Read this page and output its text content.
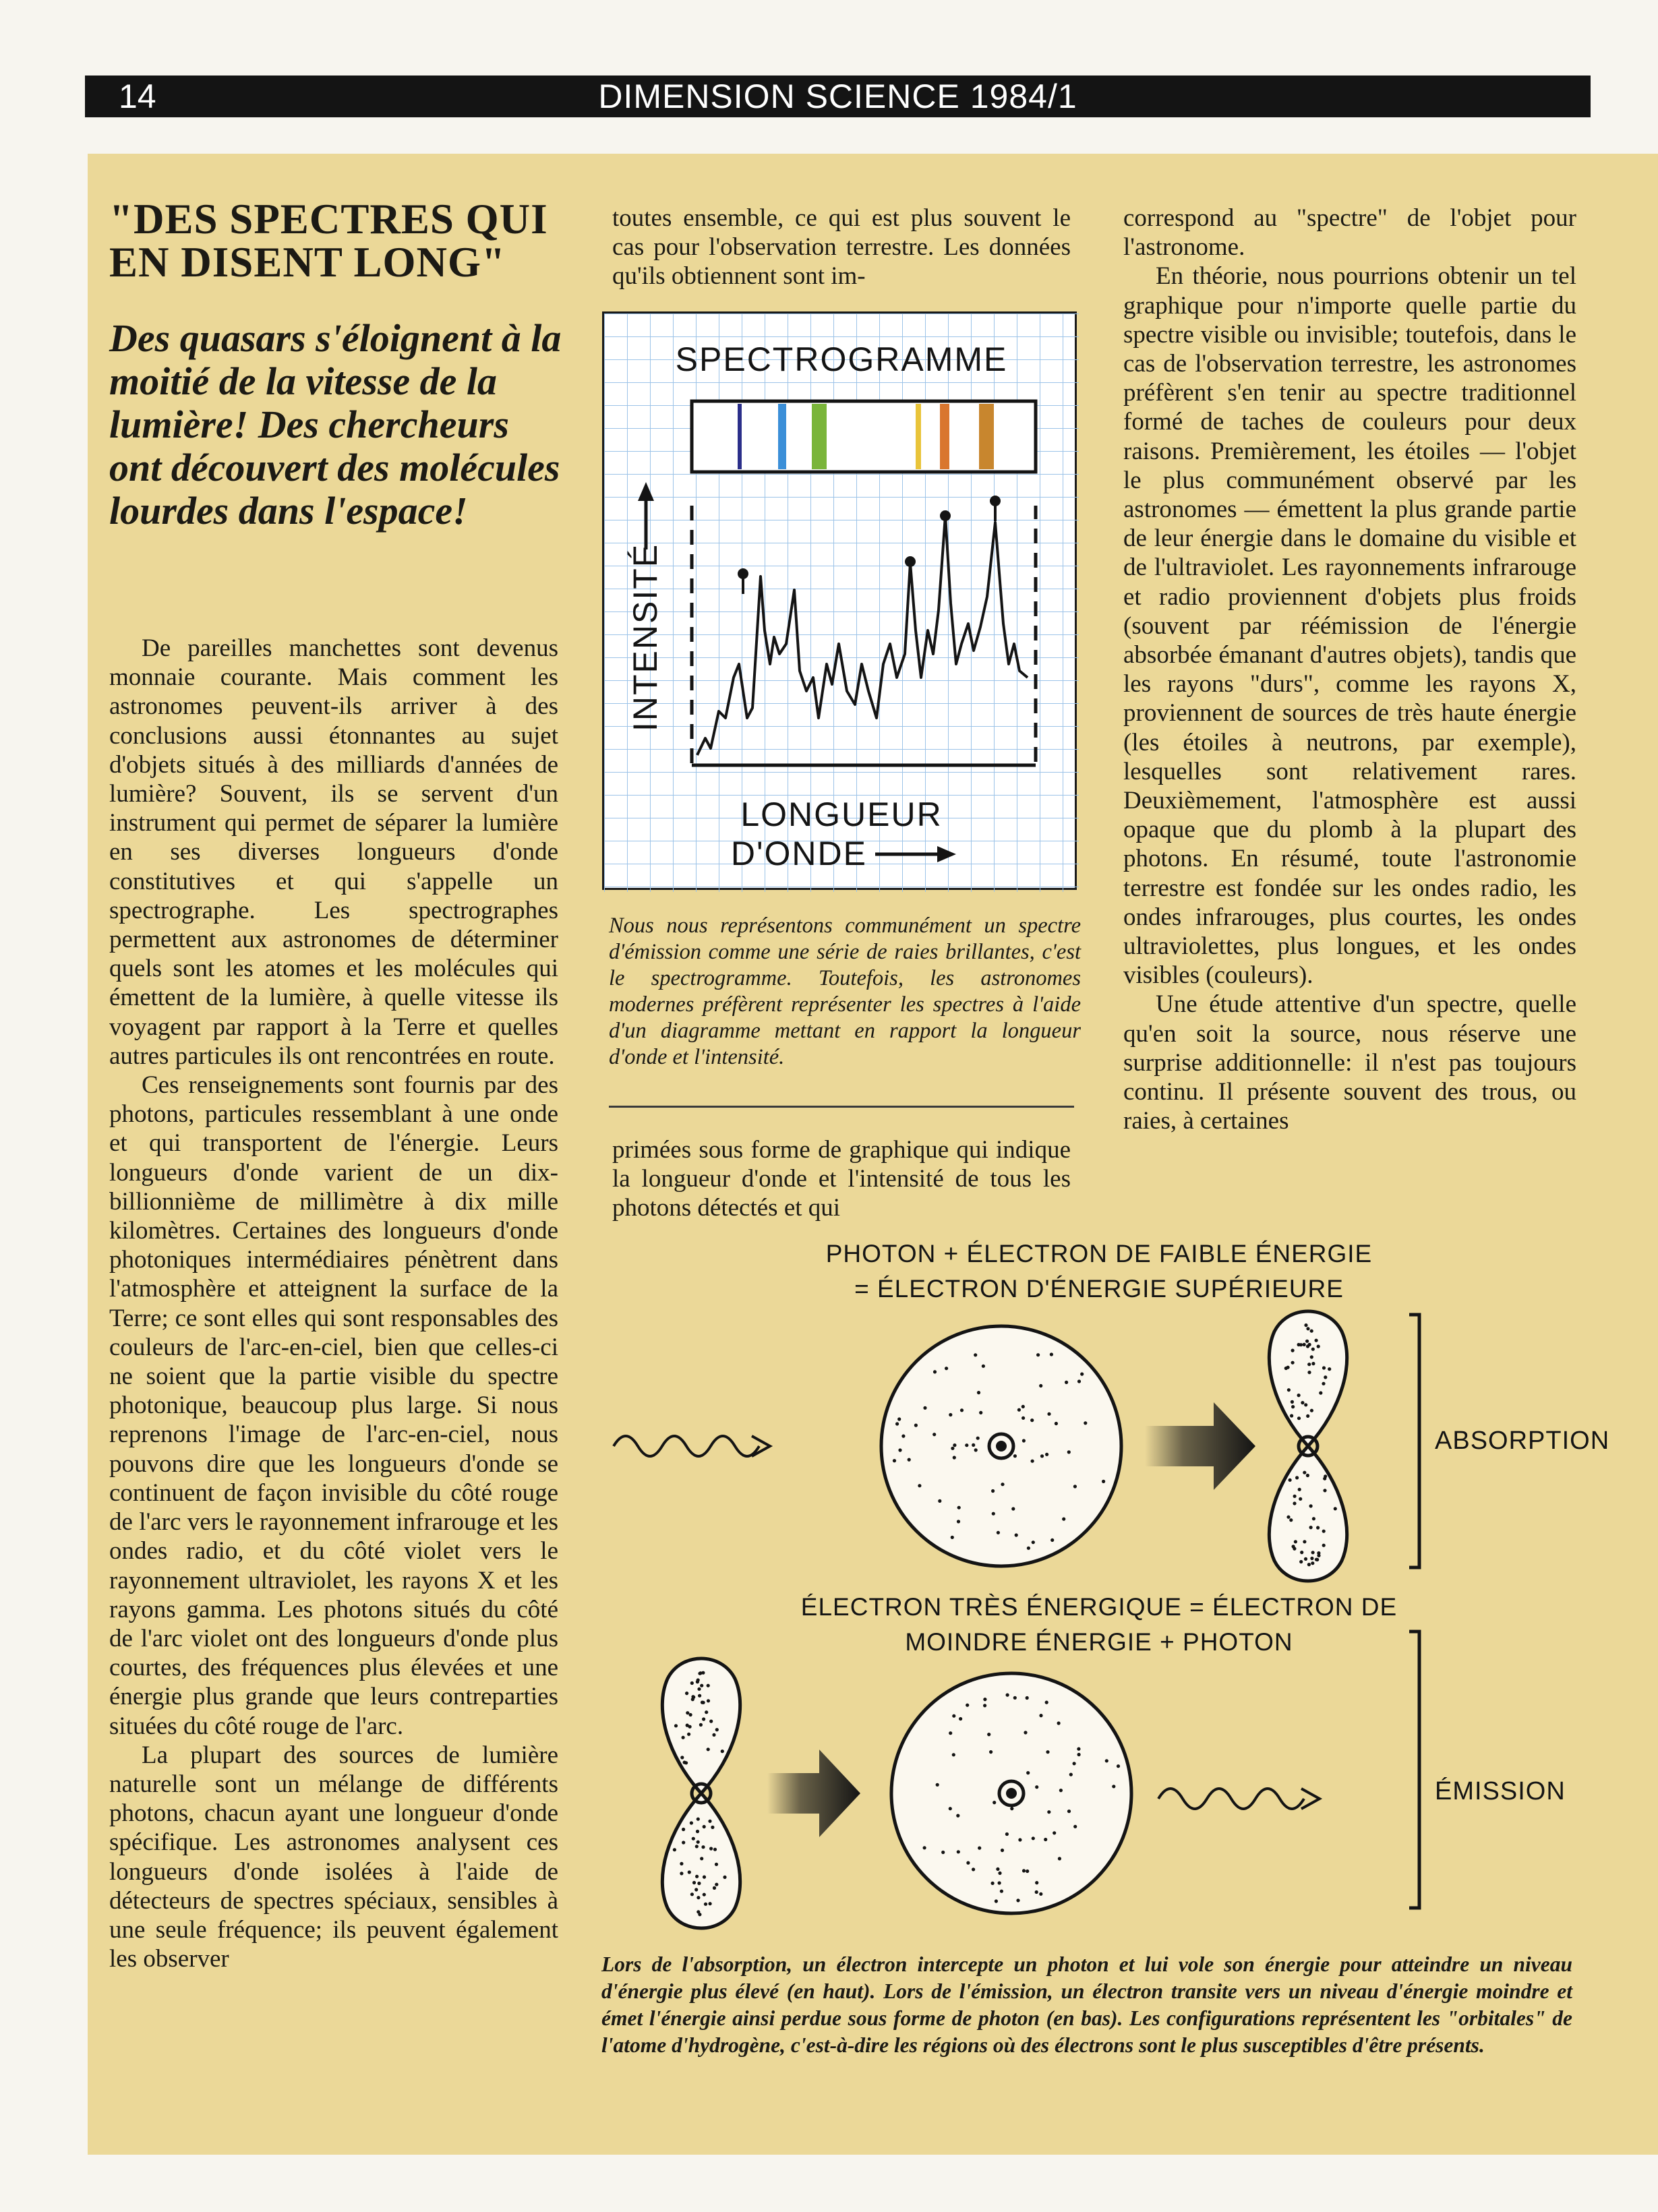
14	DIMENSION SCIENCE 1984/1
"DES SPECTRES QUI EN DISENT LONG"
Des quasars s'éloignent à la moitié de la vitesse de la lumière! Des chercheurs ont découvert des molécules lourdes dans l'espace!

De pareilles manchettes sont devenus monnaie courante. Mais comment les astronomes peuvent-ils arriver à des conclusions aussi étonnantes au sujet d'objets situés à des milliards d'années de lumière? Souvent, ils se servent d'un instrument qui permet de séparer la lumière en ses diverses longueurs d'onde constitutives et qui s'appelle un spectrographe. Les spectrographes permettent aux astronomes de déterminer quels sont les atomes et les molécules qui émettent de la lumière, à quelle vitesse ils voyagent par rapport à la Terre et quelles autres particules ils ont rencontrées en route.

Ces renseignements sont fournis par des photons, particules ressemblant à une onde et qui transportent de l'énergie. Leurs longueurs d'onde varient de un dix-billionnième de millimètre à dix mille kilomètres. Certaines des longueurs d'onde photoniques intermédiaires pénètrent dans l'atmosphère et atteignent la surface de la Terre; ce sont elles qui sont responsables des couleurs de l'arc-en-ciel, bien que celles-ci ne soient que la partie visible du spectre photonique, beaucoup plus large. Si nous reprenons l'image de l'arc-en-ciel, nous pouvons dire que les longueurs d'onde se continuent de façon invisible du côté rouge de l'arc vers le rayonnement infrarouge et les ondes radio, et du côté violet vers le rayonnement ultraviolet, les rayons X et les rayons gamma. Les photons situés du côté de l'arc violet ont des longueurs d'onde plus courtes, des fréquences plus élevées et une énergie plus grande que leurs contreparties situées du côté rouge de l'arc.

La plupart des sources de lumière naturelle sont un mélange de différents photons, chacun ayant une longueur d'onde spécifique. Les astronomes analysent ces longueurs d'onde isolées à l'aide de détecteurs de spectres spéciaux, sensibles à une seule fréquence; ils peuvent également les observer

toutes ensemble, ce qui est plus souvent le cas pour l'observation terrestre. Les données qu'ils obtiennent sont im-

SPECTROGRAMME
INTENSITÉ
LONGUEUR
D'ONDE
Nous nous représentons communément un spectre d'émission comme une série de raies brillantes, c'est le spectrogramme. Toutefois, les astronomes modernes préfèrent représenter les spectres à l'aide d'un diagramme mettant en rapport la longueur d'onde et l'intensité.

primées sous forme de graphique qui indique la longueur d'onde et l'intensité de tous les photons détectés et qui

correspond au "spectre" de l'objet pour l'astronome.

En théorie, nous pourrions obtenir un tel graphique pour n'importe quelle partie du spectre visible ou invisible; toutefois, dans le cas de l'observation terrestre, les astronomes préfèrent s'en tenir au spectre traditionnel formé de taches de couleurs pour deux raisons. Premièrement, les étoiles — l'objet le plus communément observé par les astronomes — émettent la plus grande partie de leur énergie dans le domaine du visible et de l'ultraviolet. Les rayonnements infrarouge et radio proviennent d'objets plus froids (souvent par réémission de l'énergie absorbée émanant d'autres objets), tandis que les rayons "durs", comme les rayons X, proviennent de sources de très haute énergie (les étoiles à neutrons, par exemple), lesquelles sont relativement rares. Deuxièmement, l'atmosphère est aussi opaque que du plomb à la plupart des photons. En résumé, toute l'astronomie terrestre est fondée sur les ondes radio, les ondes infrarouges, plus courtes, les ondes ultraviolettes, plus longues, et les ondes visibles (couleurs).

Une étude attentive d'un spectre, quelle qu'en soit la source, nous réserve une surprise additionnelle: il n'est pas toujours continu. Il présente souvent des trous, ou raies, à certaines

PHOTON + ÉLECTRON DE FAIBLE ÉNERGIE
= ÉLECTRON D'ÉNERGIE SUPÉRIEURE
ÉLECTRON TRÈS ÉNERGIQUE = ÉLECTRON DE
MOINDRE ÉNERGIE + PHOTON
ABSORPTION
ÉMISSION
Lors de l'absorption, un électron intercepte un photon et lui vole son énergie pour atteindre un niveau d'énergie plus élevé (en haut). Lors de l'émission, un électron transite vers un niveau d'énergie moindre et émet l'énergie ainsi perdue sous forme de photon (en bas). Les configurations représentent les "orbitales" de l'atome d'hydrogène, c'est-à-dire les régions où des électrons sont le plus susceptibles d'être présents.
